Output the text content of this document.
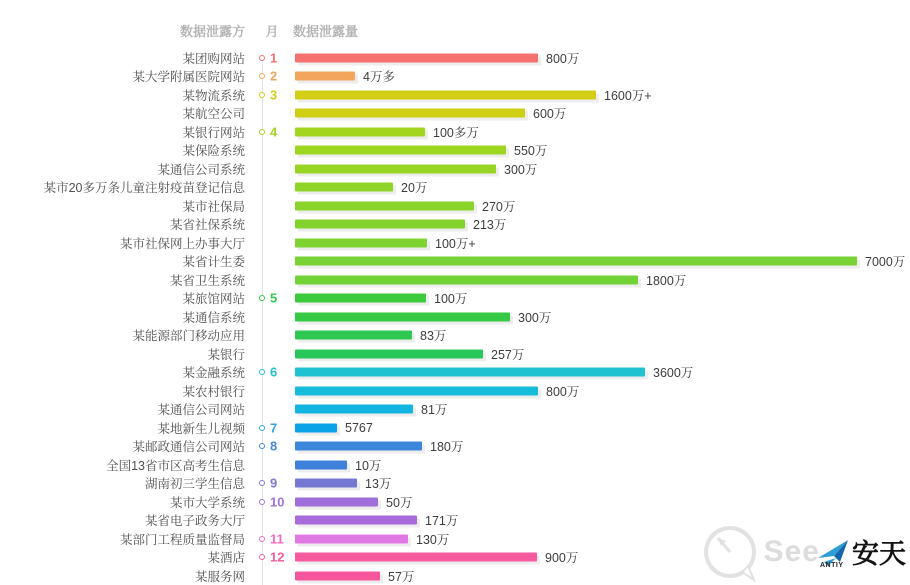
数据泄露方	月	数据泄露量
某团购网站 1	800万
某大学附属医院网站 2	4万多
某物流系统 3	1600万+
某航空公司	600万
某银行网站 4	100多万
某保险系统	550万
某通信公司系统	300万
某市20多万条儿童注射疫苗登记信息	20万
某市社保局	270万
某省社保系统	213万
某市社保网上办事大厅	100万+
某省计生委	7000万
某省卫生系统	1800万
某旅馆网站 5	100万
某通信系统	300万
某能源部门移动应用	83万
某银行	257万
某金融系统 6	3600万
某农村银行	800万
某通信公司网站	81万
某地新生儿视频 7	5767
某邮政通信公司网站 8	180万
全国13省市区高考生信息	10万
湖南初三学生信息 9	13万
某市大学系统 10	50万
某省电子政务大厅	171万
某部门工程质量监督局 11	130万
某酒店 12	900万
某服务网	57万
See ANTIY 安天
